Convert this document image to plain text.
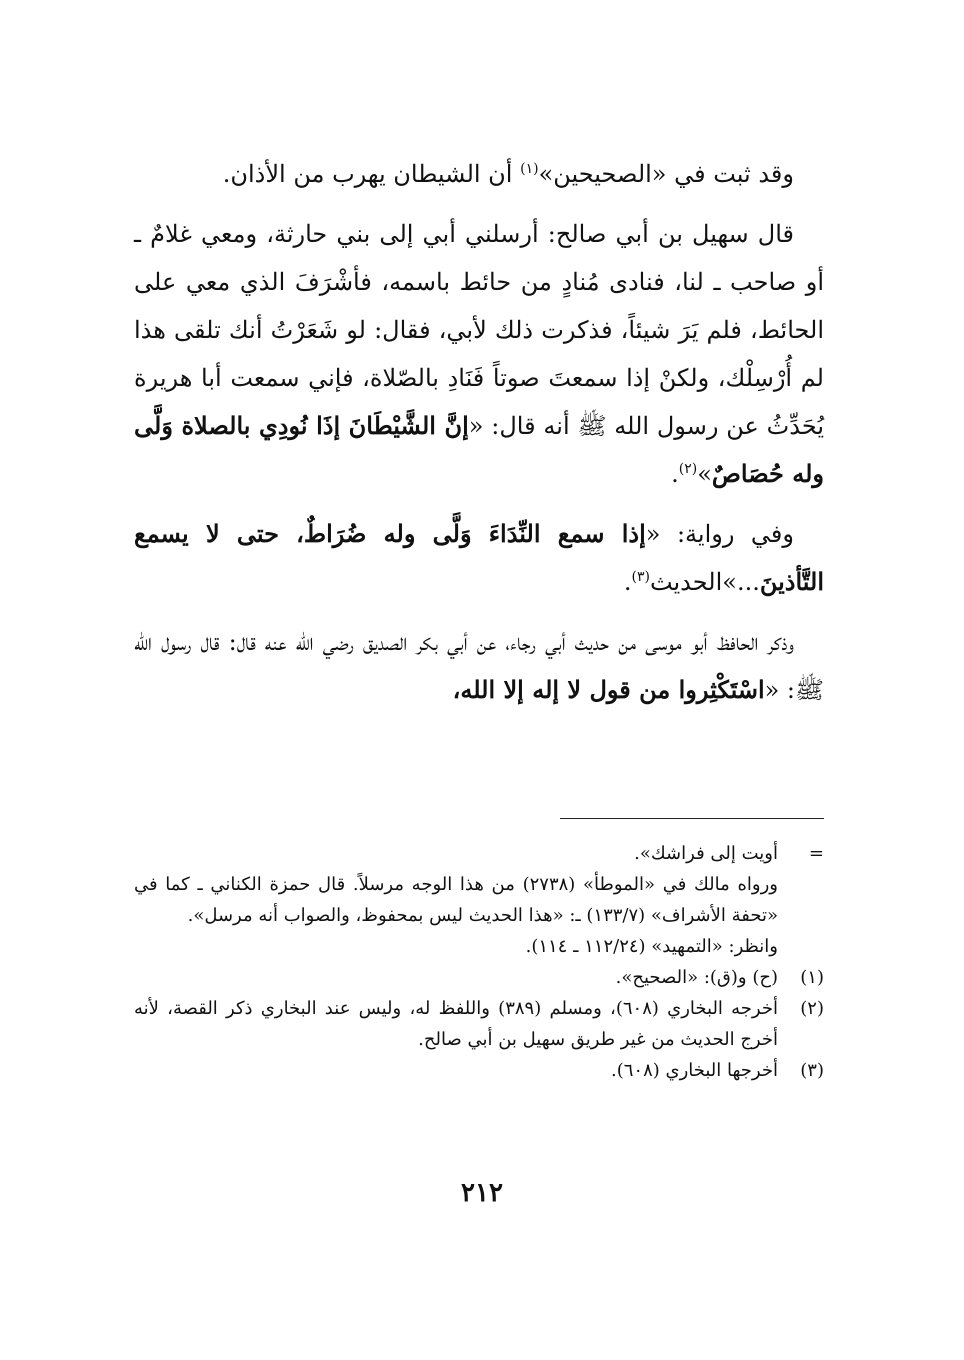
وقد ثبت في «الصحيحين»$^{(١)}$ أن الشيطان يهرب من الأذان.

قال سهيل بن أبي صالح: أرسلني أبي إلى بني حارثة، ومعي غلامٌ ـ أو صاحب ـ لنا، فنادى مُنادٍ من حائط باسمه، فأشْرَفَ الذي معي على الحائط، فلم يَرَ شيئاً، فذكرت ذلك لأبي، فقال: لو شَعَرْتُ أنك تلقى هذا لم أُرْسِلْك، ولكنْ إذا سمعتَ صوتاً فَنَادِ بالصّلاة، فإني سمعت أبا هريرة يُحَدِّثُ عن رسول الله ﷺ أنه قال: «إنَّ الشَّيْطَانَ إذَا نُودِي بالصلاة وَلَّى وله حُصَاصٌ»$^{(٢)}$.

وفي رواية: «إذا سمع النِّدَاءَ وَلَّى وله ضُرَاطٌ، حتى لا يسمع التَّأذينَ...»الحديث$^{(٣)}$.

وذكر الحافظ أبو موسى من حديث أبي رجاء، عن أبي بكر الصديق رضي الله عنه قال: قال رسول الله ﷺ: «اسْتَكْثِروا من قول لا إله إلا الله،

=
أويت إلى فراشك».
ورواه مالك في «الموطأ» (٢٧٣٨) من هذا الوجه مرسلاً. قال حمزة الكناني ـ كما في «تحفة الأشراف» (١٣٣/٧) ـ: «هذا الحديث ليس بمحفوظ، والصواب أنه مرسل».
وانظر: «التمهيد» (١١٢/٢٤ ـ ١١٤).
(١)
(ح) و(ق): «الصحيح».
(٢)
أخرجه البخاري (٦٠٨)، ومسلم (٣٨٩) واللفظ له، وليس عند البخاري ذكر القصة، لأنه أخرج الحديث من غير طريق سهيل بن أبي صالح.
(٣)
أخرجها البخاري (٦٠٨).
٢١٢
